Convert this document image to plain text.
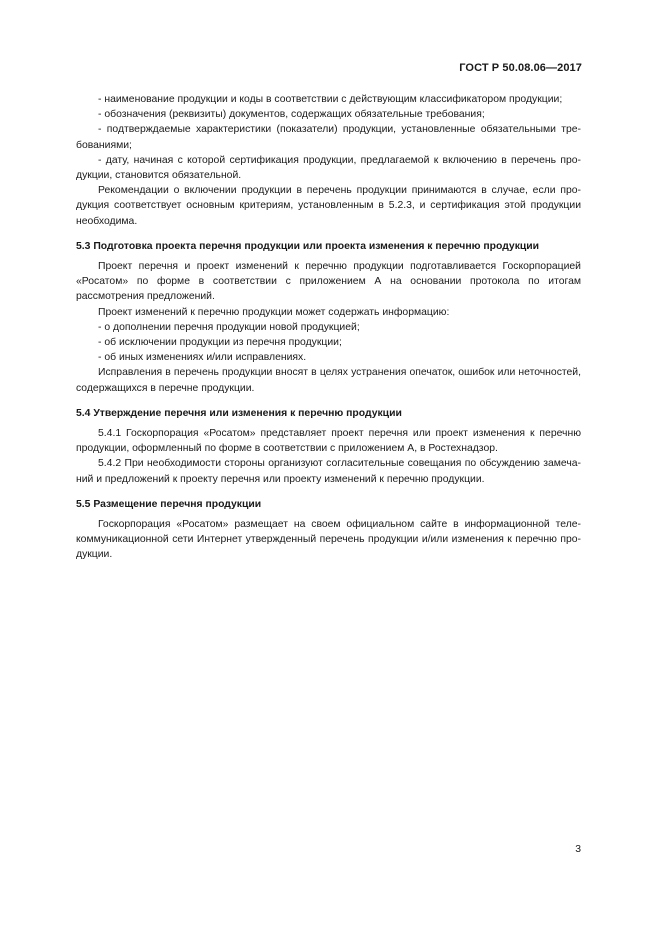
ГОСТ Р 50.08.06—2017

- наименование продукции и коды в соответствии с действующим классификатором продукции;

- обозначения (реквизиты) документов, содержащих обязательные требования;

- подтверждаемые характеристики (показатели) продукции, установленные обязательными требованиями;

- дату, начиная с которой сертификация продукции, предлагаемой к включению в перечень продукции, становится обязательной.

Рекомендации о включении продукции в перечень продукции принимаются в случае, если продукция соответствует основным критериям, установленным в 5.2.3, и сертификация этой продукции необходима.

5.3 Подготовка проекта перечня продукции или проекта изменения к перечню продукции

Проект перечня и проект изменений к перечню продукции подготавливается Госкорпорацией «Росатом» по форме в соответствии с приложением А на основании протокола по итогам рассмотрения предложений.

Проект изменений к перечню продукции может содержать информацию:

- о дополнении перечня продукции новой продукцией;

- об исключении продукции из перечня продукции;

- об иных изменениях и/или исправлениях.

Исправления в перечень продукции вносят в целях устранения опечаток, ошибок или неточностей, содержащихся в перечне продукции.

5.4 Утверждение перечня или изменения к перечню продукции

5.4.1 Госкорпорация «Росатом» представляет проект перечня или проект изменения к перечню продукции, оформленный по форме в соответствии с приложением А, в Ростехнадзор.

5.4.2 При необходимости стороны организуют согласительные совещания по обсуждению замечаний и предложений к проекту перечня или проекту изменений к перечню продукции.

5.5 Размещение перечня продукции

Госкорпорация «Росатом» размещает на своем официальном сайте в информационной телекоммуникационной сети Интернет утвержденный перечень продукции и/или изменения к перечню продукции.

3
